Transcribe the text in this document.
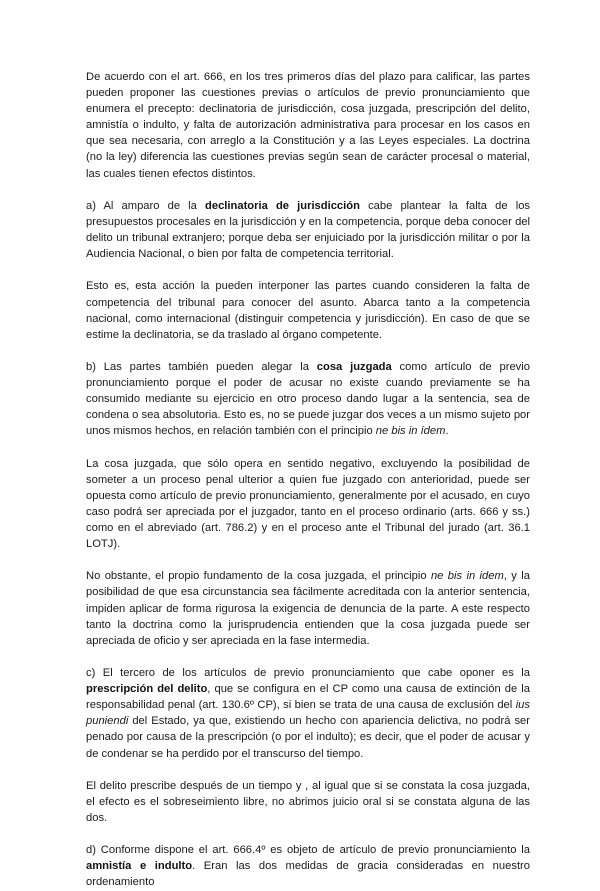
De acuerdo con el art. 666, en los tres primeros días del plazo para calificar, las partes pueden proponer las cuestiones previas o artículos de previo pronunciamiento que enumera el precepto: declinatoria de jurisdicción, cosa juzgada, prescripción del delito, amnistía o indulto, y falta de autorización administrativa para procesar en los casos en que sea necesaria, con arreglo a la Constitución y a las Leyes especiales. La doctrina (no la ley) diferencia las cuestiones previas según sean de carácter procesal o material, las cuales tienen efectos distintos.

a) Al amparo de la declinatoria de jurisdicción cabe plantear la falta de los presupuestos procesales en la jurisdicción y en la competencia, porque deba conocer del delito un tribunal extranjero; porque deba ser enjuiciado por la jurisdicción militar o por la Audiencia Nacional, o bien por falta de competencia territorial.

Esto es, esta acción la pueden interponer las partes cuando consideren la falta de competencia del tribunal para conocer del asunto. Abarca tanto a la competencia nacional, como internacional (distinguir competencia y jurisdicción). En caso de que se estime la declinatoria, se da traslado al órgano competente.

b) Las partes también pueden alegar la cosa juzgada como artículo de previo pronunciamiento porque el poder de acusar no existe cuando previamente se ha consumido mediante su ejercicio en otro proceso dando lugar a la sentencia, sea de condena o sea absolutoria. Esto es, no se puede juzgar dos veces a un mismo sujeto por unos mismos hechos, en relación también con el principio ne bis in ídem.

La cosa juzgada, que sólo opera en sentido negativo, excluyendo la posibilidad de someter a un proceso penal ulterior a quien fue juzgado con anterioridad, puede ser opuesta como artículo de previo pronunciamiento, generalmente por el acusado, en cuyo caso podrá ser apreciada por el juzgador, tanto en el proceso ordinario (arts. 666 y ss.) como en el abreviado (art. 786.2) y en el proceso ante el Tribunal del jurado (art. 36.1 LOTJ).

No obstante, el propio fundamento de la cosa juzgada, el principio ne bis in idem, y la posibilidad de que esa circunstancia sea fácilmente acreditada con la anterior sentencia, impiden aplicar de forma rigurosa la exigencia de denuncia de la parte. A este respecto tanto la doctrina como la jurisprudencia entienden que la cosa juzgada puede ser apreciada de oficio y ser apreciada en la fase intermedia.

c) El tercero de los artículos de previo pronunciamiento que cabe oponer es la prescripción del delito, que se configura en el CP como una causa de extinción de la responsabilidad penal (art. 130.6º CP), si bien se trata de una causa de exclusión del ius puniendi del Estado, ya que, existiendo un hecho con apariencia delictiva, no podrá ser penado por causa de la prescripción (o por el indulto); es decir, que el poder de acusar y de condenar se ha perdido por el transcurso del tiempo.

El delito prescribe después de un tiempo y , al igual que si se constata la cosa juzgada, el efecto es el sobreseimiento libre, no abrimos juicio oral si se constata alguna de las dos.

d) Conforme dispone el art. 666.4º es objeto de artículo de previo pronunciamiento la amnistía e indulto. Eran las dos medidas de gracia consideradas en nuestro ordenamiento
